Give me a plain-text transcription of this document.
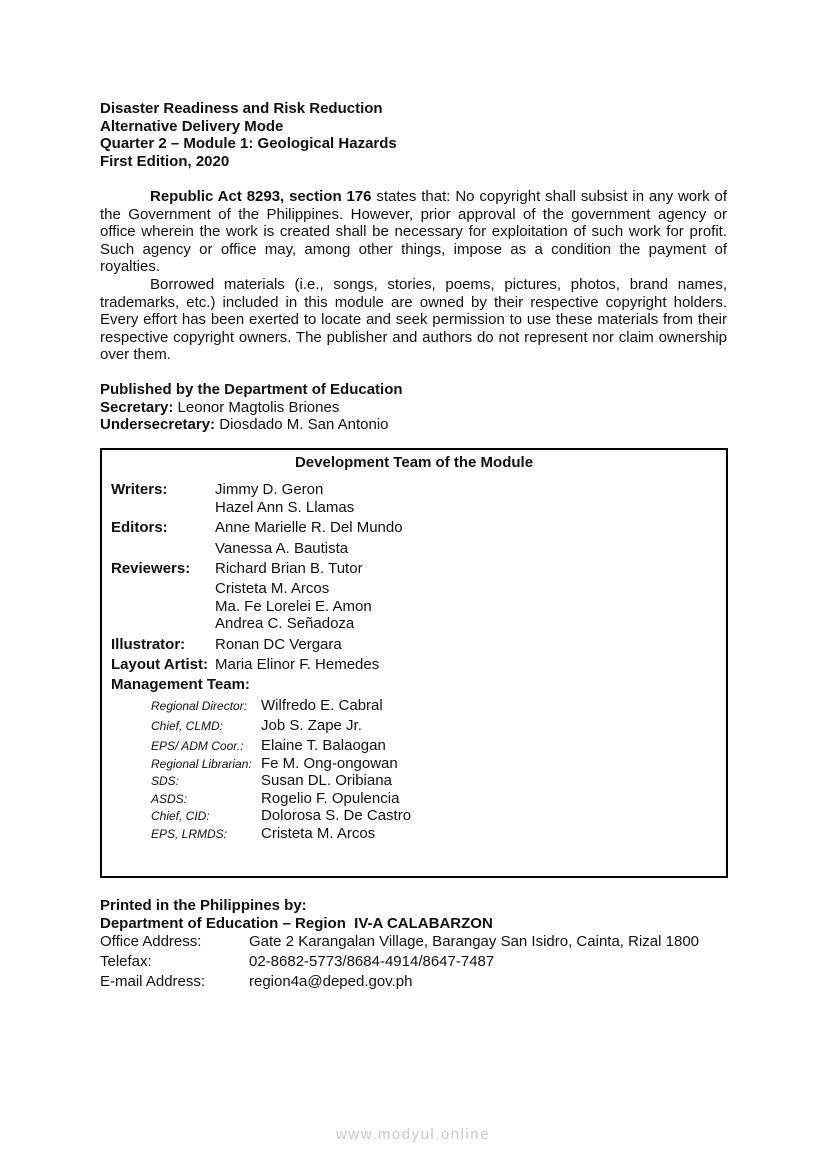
Disaster Readiness and Risk Reduction
Alternative Delivery Mode
Quarter 2 – Module 1: Geological Hazards
First Edition, 2020
Republic Act 8293, section 176 states that: No copyright shall subsist in any work of the Government of the Philippines. However, prior approval of the government agency or office wherein the work is created shall be necessary for exploitation of such work for profit. Such agency or office may, among other things, impose as a condition the payment of royalties.
Borrowed materials (i.e., songs, stories, poems, pictures, photos, brand names, trademarks, etc.) included in this module are owned by their respective copyright holders. Every effort has been exerted to locate and seek permission to use these materials from their respective copyright owners. The publisher and authors do not represent nor claim ownership over them.
Published by the Department of Education
Secretary: Leonor Magtolis Briones
Undersecretary: Diosdado M. San Antonio
Development Team of the Module
Writers:	Jimmy D. Geron
Hazel Ann S. Llamas
Editors:	Anne Marielle R. Del Mundo
Vanessa A. Bautista
Reviewers: Richard Brian B. Tutor
Cristeta M. Arcos
Ma. Fe Lorelei E. Amon
Andrea C. Señadoza
Illustrator: Ronan DC Vergara
Layout Artist: Maria Elinor F. Hemedes
Management Team:
Regional Director: Wilfredo E. Cabral
Chief, CLMD:	Job S. Zape Jr.
EPS/ ADM Coor.: Elaine T. Balaogan
Regional Librarian: Fe M. Ong-ongowan
SDS:	Susan DL. Oribiana
ASDS:	Rogelio F. Opulencia
Chief, CID:	Dolorosa S. De Castro
EPS, LRMDS: Cristeta M. Arcos
Printed in the Philippines by:
Department of Education – Region  IV-A CALABARZON
Office Address:	Gate 2 Karangalan Village, Barangay San Isidro, Cainta, Rizal 1800
Telefax:	02-8682-5773/8684-4914/8647-7487
E-mail Address:	region4a@deped.gov.ph
www.modyul.online
